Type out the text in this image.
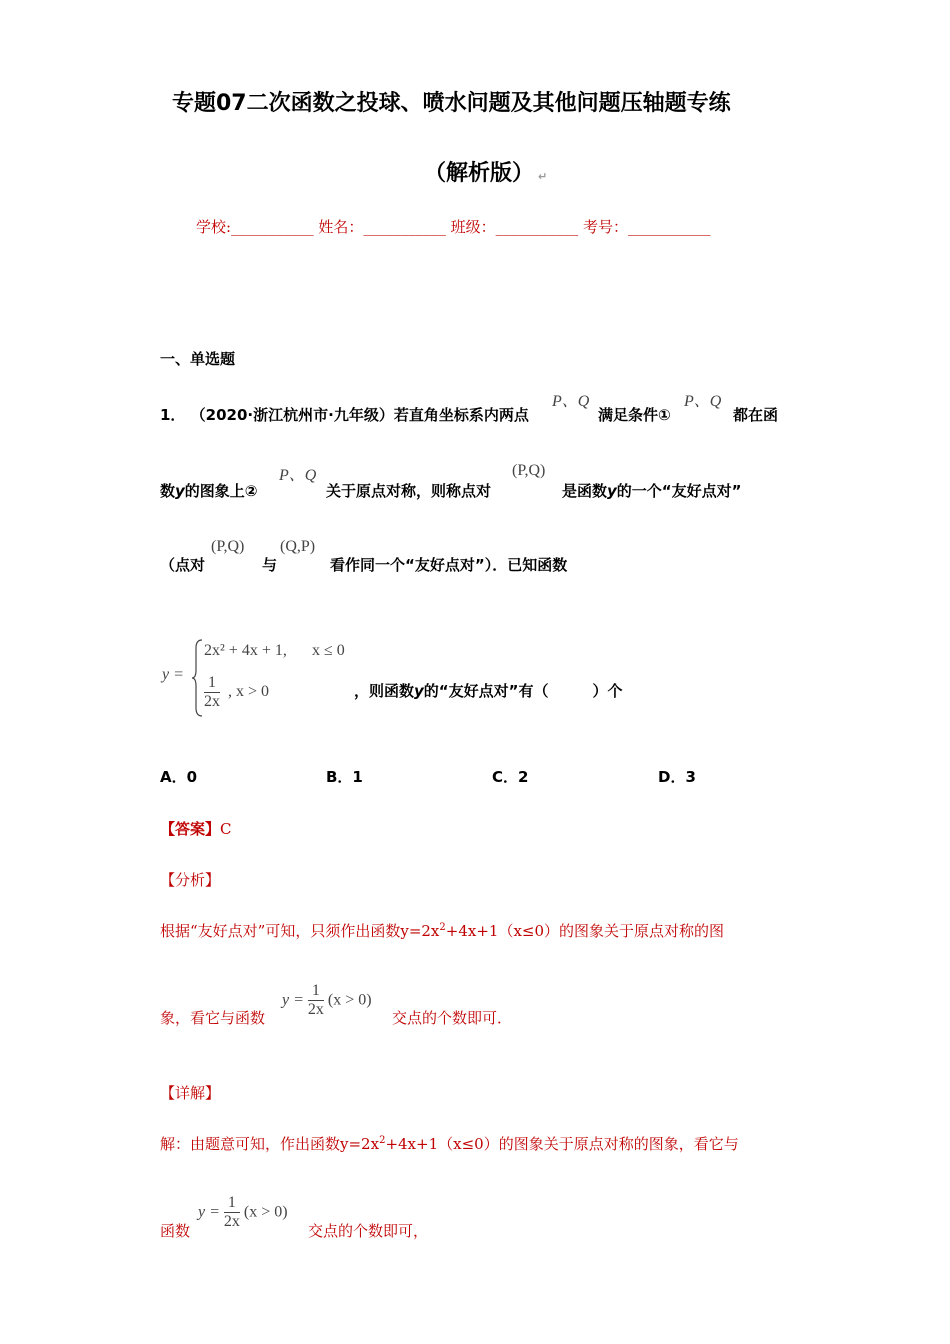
专题07二次函数之投球、喷水问题及其他问题压轴题专练
（解析版） ↵
学校:___________ 姓名：___________ 班级：___________ 考号：___________
一、单选题
1． （2020·浙江杭州市·九年级）若直角坐标系内两点
P、Q
满足条件①
P、Q
都在函
数y的图象上②
P、Q
关于原点对称，则称点对
(P,Q)
是函数y的一个“友好点对”
（点对
(P,Q)
与
(Q,P)
看作同一个“友好点对”）．已知函数
y =
2x² + 4x + 1, x ≤ 0
$\frac{1}{2x}$ , x > 0	，则函数y的“友好点对”有（	）个
A．0	B．1	C．2	D．3
【答案】C
【分析】
根据“友好点对”可知，只须作出函数$y=2x^2+4x+1(x\le 0)$的图象关于原点对称的图
象，看它与函数
$y = \frac{1}{2x} (x > 0)$
交点的个数即可．
【详解】
解：由题意可知，作出函数$y=2x^2+4x+1(x\le 0)$的图象关于原点对称的图象，看它与
函数
$y = \frac{1}{2x} (x > 0)$
交点的个数即可，
